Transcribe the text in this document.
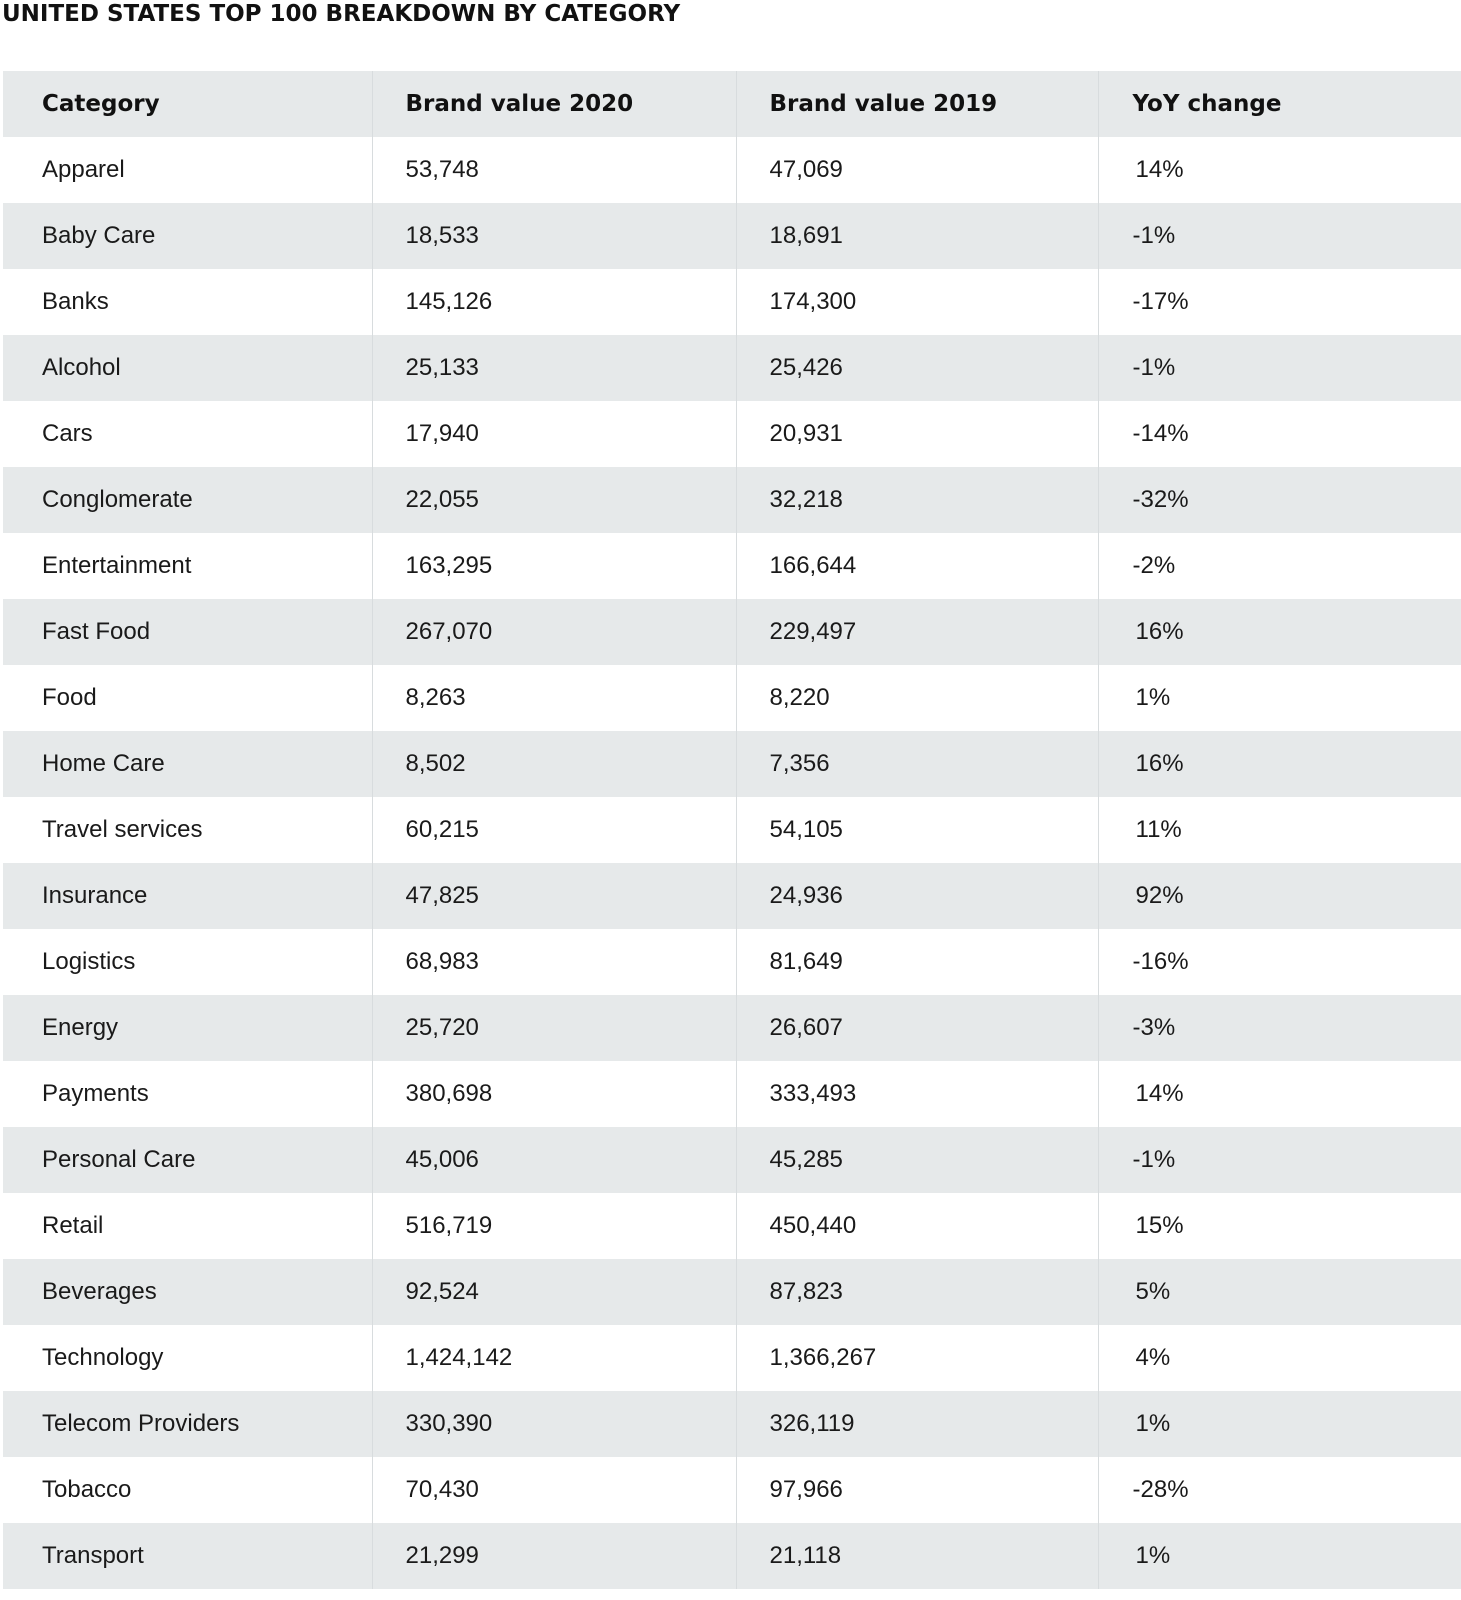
UNITED STATES TOP 100 BREAKDOWN BY CATEGORY
Category	Brand value 2020	Brand value 2019	YoY change
Apparel	53,748	47,069	14%
Baby Care	18,533	18,691	-1%
Banks	145,126	174,300	-17%
Alcohol	25,133	25,426	-1%
Cars	17,940	20,931	-14%
Conglomerate	22,055	32,218	-32%
Entertainment	163,295	166,644	-2%
Fast Food	267,070	229,497	16%
Food	8,263	8,220	1%
Home Care	8,502	7,356	16%
Travel services	60,215	54,105	11%
Insurance	47,825	24,936	92%
Logistics	68,983	81,649	-16%
Energy	25,720	26,607	-3%
Payments	380,698	333,493	14%
Personal Care	45,006	45,285	-1%
Retail	516,719	450,440	15%
Beverages	92,524	87,823	5%
Technology	1,424,142	1,366,267	4%
Telecom Providers	330,390	326,119	1%
Tobacco	70,430	97,966	-28%
Transport	21,299	21,118	1%
